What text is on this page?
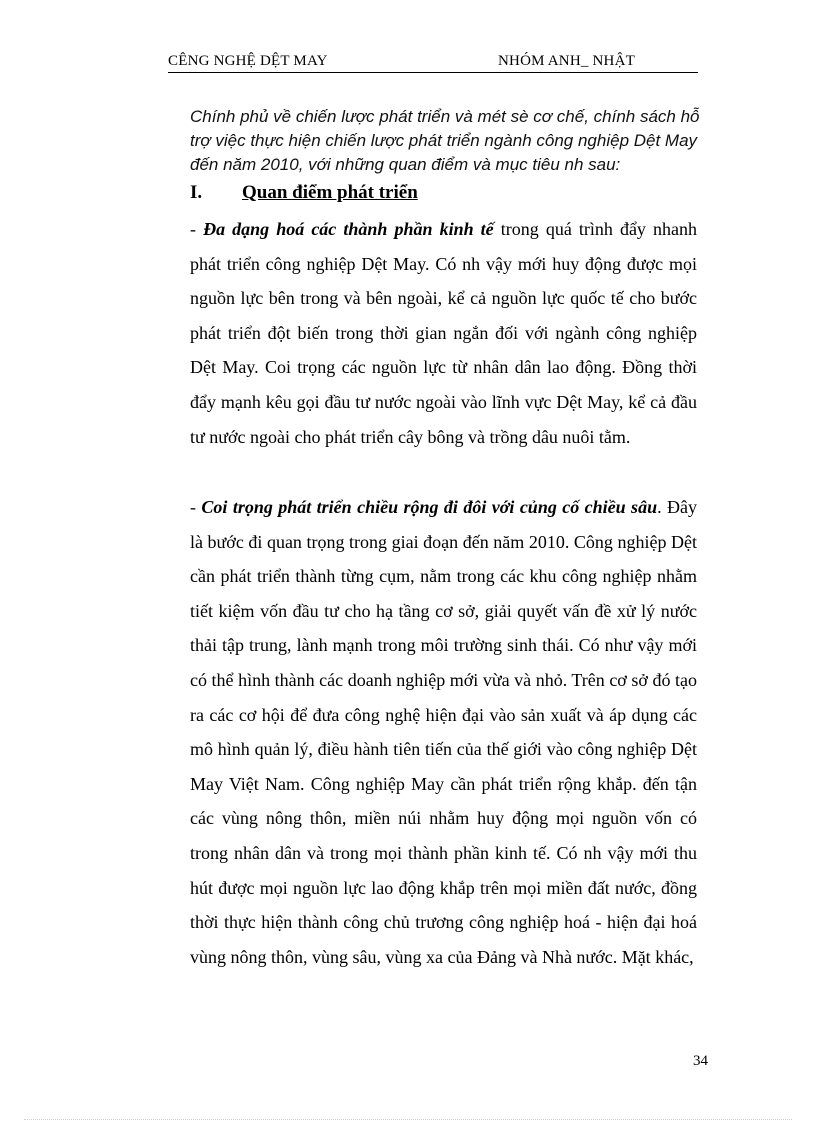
CÊNG NGHỆ DỆT MAY	NHÓM ANH_ NHẬT
Chính phủ về chiến lược phát triển và mét sè cơ chế, chính sách hỗ trợ việc thực hiện chiến lược phát triển ngành công nghiệp Dệt May đến năm 2010, với những quan điểm và mục tiêu nh sau:
I. Quan điểm phát triển
- Đa dạng hoá các thành phần kinh tế trong quá trình đẩy nhanh phát triển công nghiệp Dệt May. Có nh vậy mới huy động được mọi nguồn lực bên trong và bên ngoài, kể cả nguồn lực quốc tế cho bước phát triển đột biến trong thời gian ngắn đối với ngành công nghiệp Dệt May. Coi trọng các nguồn lực từ nhân dân lao động. Đồng thời đẩy mạnh kêu gọi đầu tư nước ngoài vào lĩnh vực Dệt May, kể cả đầu tư nước ngoài cho phát triển cây bông và trồng dâu nuôi tằm.
- Coi trọng phát triển chiều rộng đi đôi với củng cố chiều sâu. Đây là bước đi quan trọng trong giai đoạn đến năm 2010. Công nghiệp Dệt cần phát triển thành từng cụm, nằm trong các khu công nghiệp nhằm tiết kiệm vốn đầu tư cho hạ tầng cơ sở, giải quyết vấn đề xử lý nước thải tập trung, lành mạnh trong môi trường sinh thái. Có như vậy mới có thể hình thành các doanh nghiệp mới vừa và nhỏ. Trên cơ sở đó tạo ra các cơ hội để đưa công nghệ hiện đại vào sản xuất và áp dụng các mô hình quản lý, điều hành tiên tiến của thế giới vào công nghiệp Dệt May Việt Nam. Công nghiệp May cần phát triển rộng khắp. đến tận các vùng nông thôn, miền núi nhằm huy động mọi nguồn vốn có trong nhân dân và trong mọi thành phần kinh tế. Có nh vậy mới thu hút được mọi nguồn lực lao động khắp trên mọi miền đất nước, đồng thời thực hiện thành công chủ trương công nghiệp hoá - hiện đại hoá vùng nông thôn, vùng sâu, vùng xa của Đảng và Nhà nước. Mặt khác,
34
